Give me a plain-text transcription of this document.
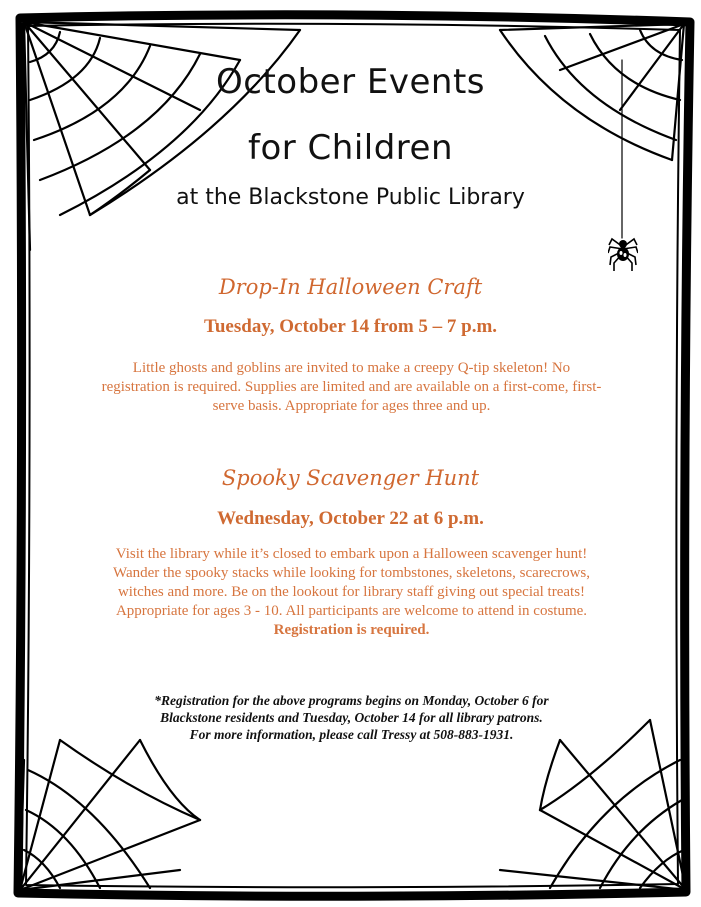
October Events
for Children
at the Blackstone Public Library
Drop-In Halloween Craft
Tuesday, October 14 from 5 – 7 p.m.
Little ghosts and goblins are invited to make a creepy Q-tip skeleton! No registration is required. Supplies are limited and are available on a first-come, first-serve basis. Appropriate for ages three and up.
Spooky Scavenger Hunt
Wednesday, October 22 at 6 p.m.
Visit the library while it’s closed to embark upon a Halloween scavenger hunt! Wander the spooky stacks while looking for tombstones, skeletons, scarecrows, witches and more. Be on the lookout for library staff giving out special treats! Appropriate for ages 3 - 10. All participants are welcome to attend in costume. Registration is required.
*Registration for the above programs begins on Monday, October 6 for
Blackstone residents and Tuesday, October 14 for all library patrons.
For more information, please call Tressy at 508-883-1931.
